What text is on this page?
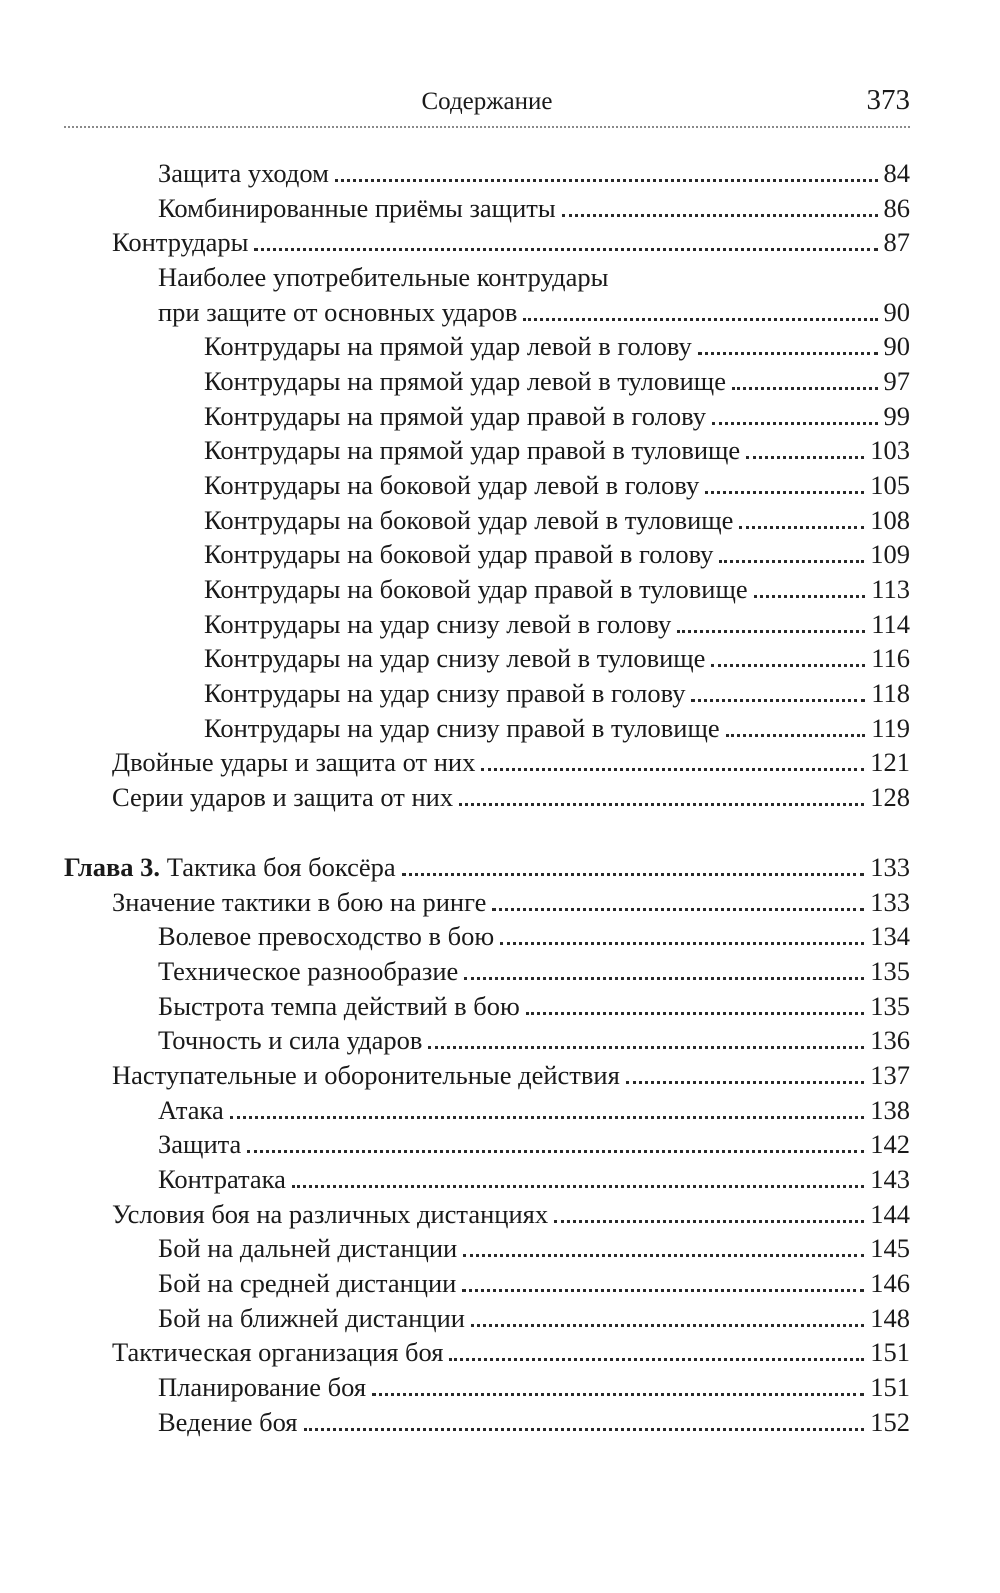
Содержание	373
Защита уходом	84
Комбинированные приёмы защиты	86
Контрудары	87
Наиболее употребительные контрудары
при защите от основных ударов	90
Контрудары на прямой удар левой в голову	90
Контрудары на прямой удар левой в туловище	97
Контрудары на прямой удар правой в голову	99
Контрудары на прямой удар правой в туловище	103
Контрудары на боковой удар левой в голову	105
Контрудары на боковой удар левой в туловище	108
Контрудары на боковой удар правой в голову	109
Контрудары на боковой удар правой в туловище	113
Контрудары на удар снизу левой в голову	114
Контрудары на удар снизу левой в туловище	116
Контрудары на удар снизу правой в голову	118
Контрудары на удар снизу правой в туловище	119
Двойные удары и защита от них	121
Серии ударов и защита от них	128
Глава 3. Тактика боя боксёра	133
Значение тактики в бою на ринге	133
Волевое превосходство в бою	134
Техническое разнообразие	135
Быстрота темпа действий в бою	135
Точность и сила ударов	136
Наступательные и оборонительные действия	137
Атака	138
Защита	142
Контратака	143
Условия боя на различных дистанциях	144
Бой на дальней дистанции	145
Бой на средней дистанции	146
Бой на ближней дистанции	148
Тактическая организация боя	151
Планирование боя	151
Ведение боя	152
